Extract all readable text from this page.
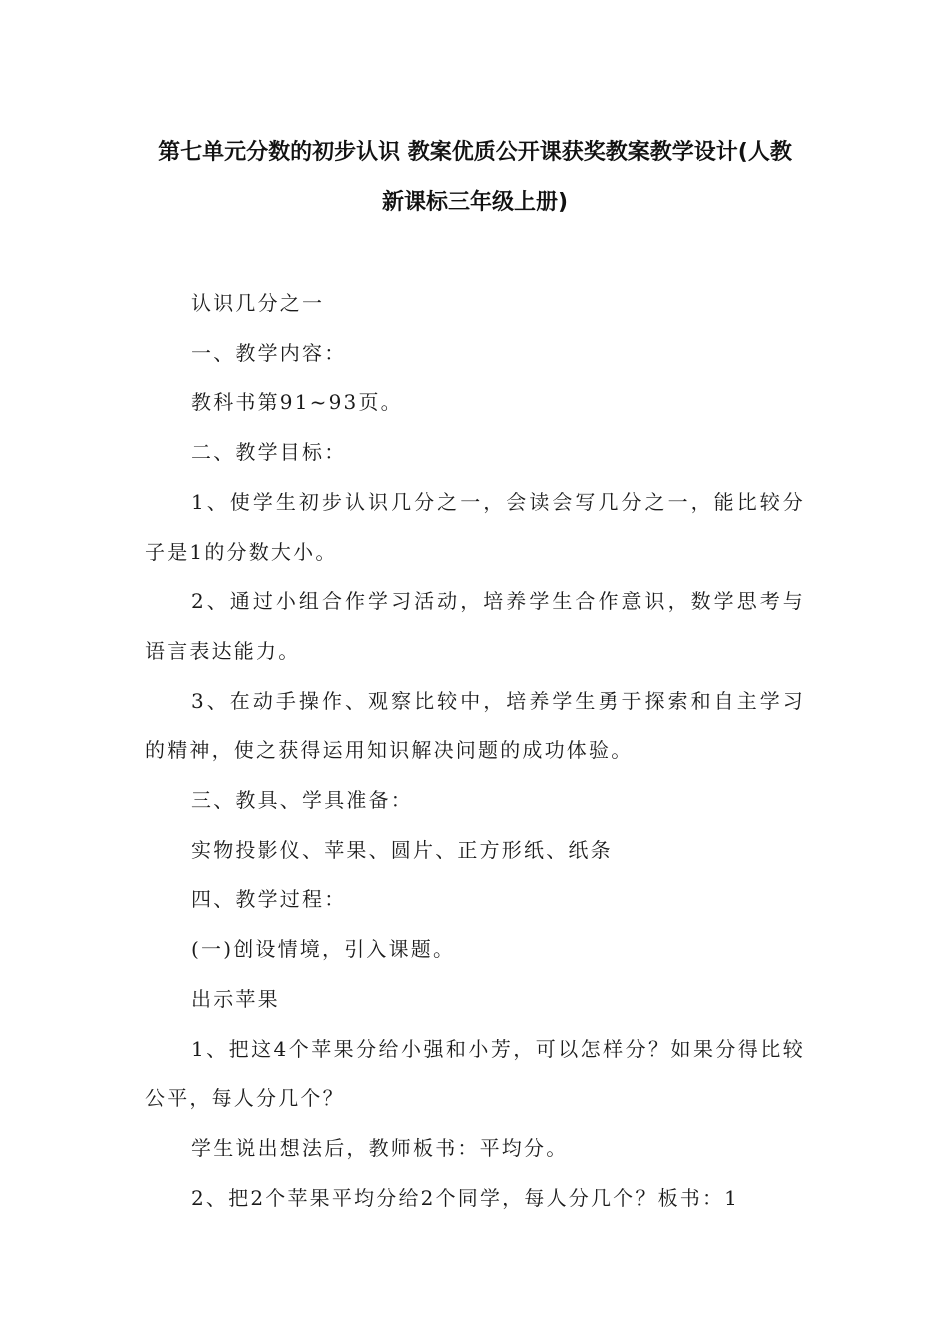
第七单元分数的初步认识 教案优质公开课获奖教案教学设计(人教
新课标三年级上册)

认识几分之一

一、教学内容：

教科书第91~93页。

二、教学目标：

1、使学生初步认识几分之一，会读会写几分之一，能比较分子是1的分数大小。

2、通过小组合作学习活动，培养学生合作意识，数学思考与语言表达能力。

3、在动手操作、观察比较中，培养学生勇于探索和自主学习的精神，使之获得运用知识解决问题的成功体验。

三、教具、学具准备：

实物投影仪、苹果、圆片、正方形纸、纸条

四、教学过程：

(一)创设情境，引入课题。

出示苹果

1、把这4个苹果分给小强和小芳，可以怎样分？如果分得比较公平，每人分几个？

学生说出想法后，教师板书：平均分。

2、把2个苹果平均分给2个同学，每人分几个？板书：1
